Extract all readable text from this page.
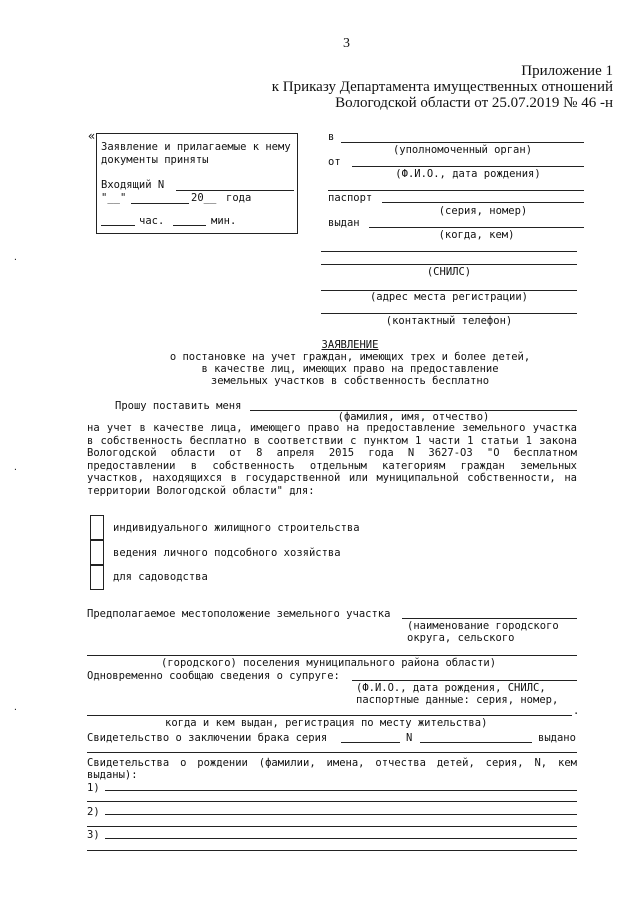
3
Приложение 1
к Приказу Департамента имущественных отношений
Вологодской области от 25.07.2019 № 46 -н
«
Заявление и прилагаемые к нему
документы приняты
Входящий N
"__"	20__ года
час.	мин.
в
(уполномоченный орган)
от
(Ф.И.О., дата рождения)
паспорт
(серия, номер)
выдан
(когда, кем)
(СНИЛС)
(адрес места регистрации)
(контактный телефон)
ЗАЯВЛЕНИЕ
о постановке на учет граждан, имеющих трех и более детей,
в качестве лиц, имеющих право на предоставление
земельных участков в собственность бесплатно
Прошу поставить меня
(фамилия, имя, отчество)
на учет в качестве лица, имеющего право на предоставление земельного участка в собственность бесплатно в соответствии с пунктом 1 части 1 статьи 1 закона Вологодской области от 8 апреля 2015 года N 3627-ОЗ "О бесплатном предоставлении в собственность отдельным категориям граждан земельных участков, находящихся в государственной или муниципальной собственности, на территории Вологодской области" для:
индивидуального жилищного строительства
ведения личного подсобного хозяйства
для садоводства
Предполагаемое местоположение земельного участка
(наименование городского
округа, сельского
(городского) поселения муниципального района области)
Одновременно сообщаю сведения о супруге:
(Ф.И.О., дата рождения, СНИЛС,
паспортные данные: серия, номер,
.
когда и кем выдан, регистрация по месту жительства)
Свидетельство о заключении брака серия	N	выдано
Свидетельства о рождении (фамилии, имена, отчества детей, серия, N, кем
выданы):
1)
2)
3)
·
·
·
